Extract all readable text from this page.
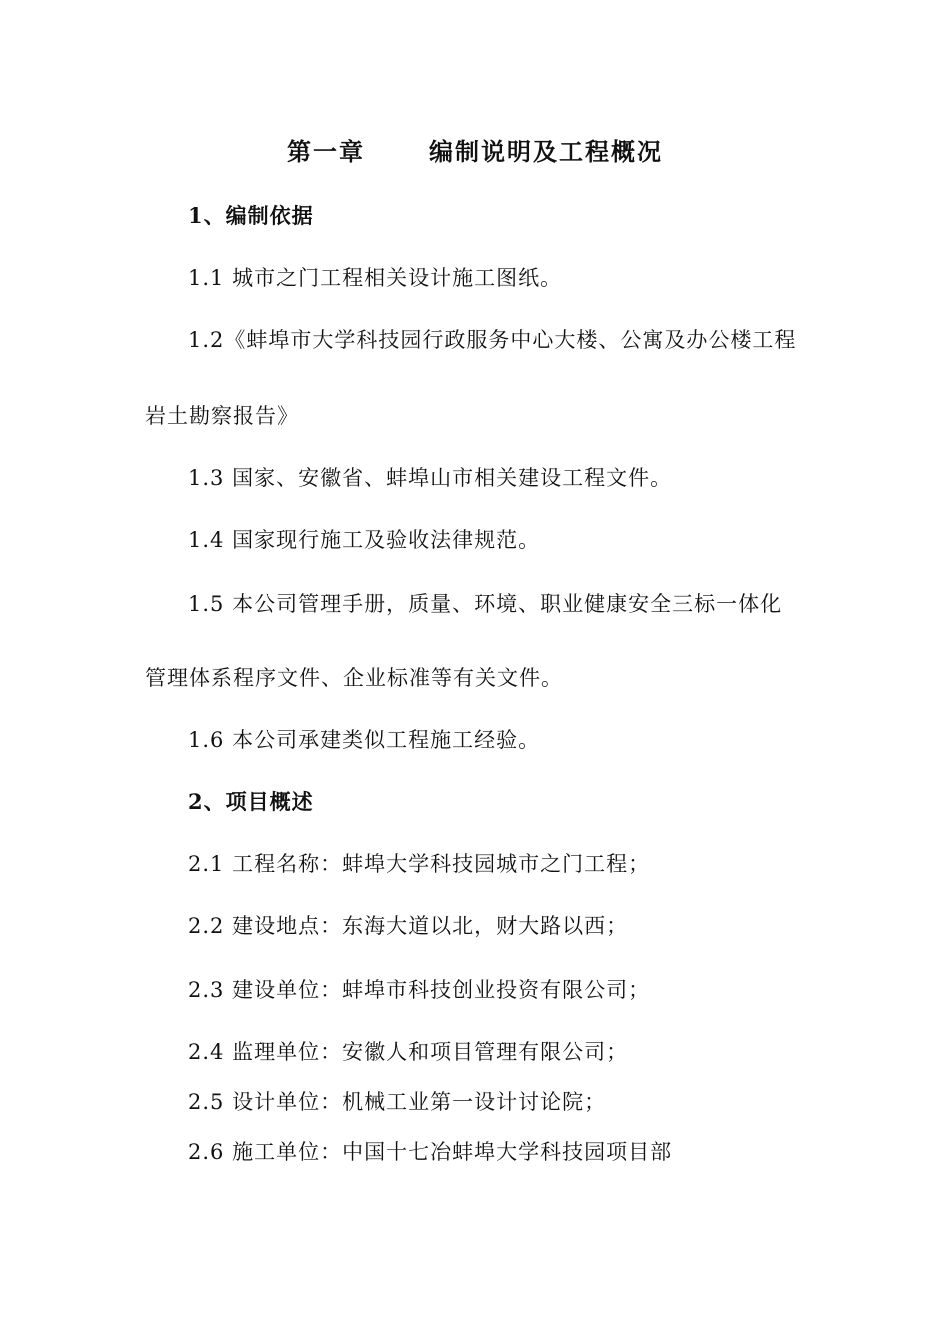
第一章	编制说明及工程概况
1、编制依据
1.1 城市之门工程相关设计施工图纸。
1.2《蚌埠市大学科技园行政服务中心大楼、公寓及办公楼工程
岩土勘察报告》
1.3 国家、安徽省、蚌埠山市相关建设工程文件。
1.4 国家现行施工及验收法律规范。
1.5 本公司管理手册，质量、环境、职业健康安全三标一体化
管理体系程序文件、企业标准等有关文件。
1.6 本公司承建类似工程施工经验。
2、项目概述
2.1 工程名称：蚌埠大学科技园城市之门工程；
2.2 建设地点：东海大道以北，财大路以西；
2.3 建设单位：蚌埠市科技创业投资有限公司；
2.4 监理单位：安徽人和项目管理有限公司；
2.5 设计单位：机械工业第一设计讨论院；
2.6 施工单位：中国十七冶蚌埠大学科技园项目部
